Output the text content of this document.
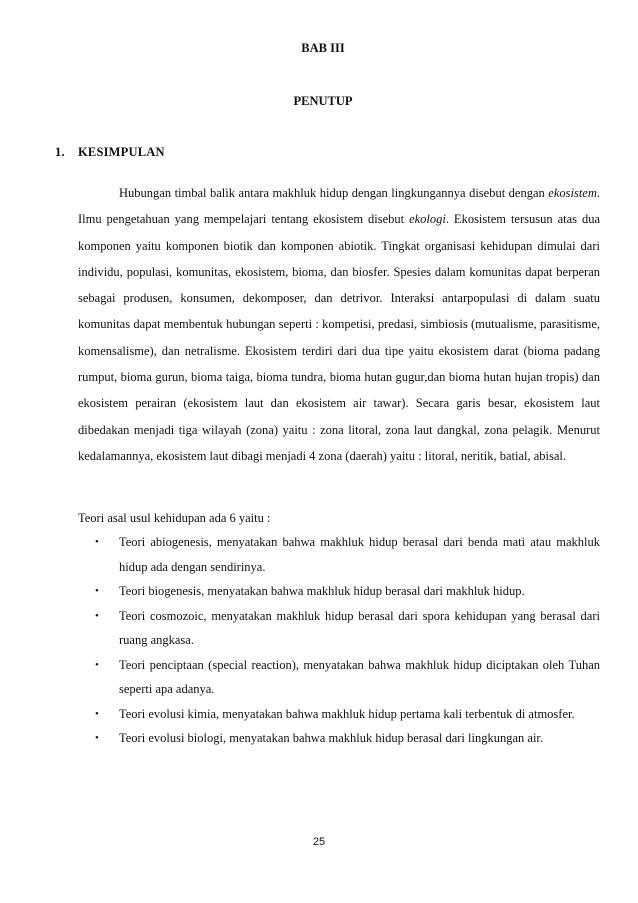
BAB III
PENUTUP
1. KESIMPULAN

Hubungan timbal balik antara makhluk hidup dengan lingkungannya disebut dengan ekosistem. Ilmu pengetahuan yang mempelajari tentang ekosistem disebut ekologi. Ekosistem tersusun atas dua komponen yaitu komponen biotik dan komponen abiotik. Tingkat organisasi kehidupan dimulai dari individu, populasi, komunitas, ekosistem, bioma, dan biosfer. Spesies dalam komunitas dapat berperan sebagai produsen, konsumen, dekomposer, dan detrivor. Interaksi antarpopulasi di dalam suatu komunitas dapat membentuk hubungan seperti : kompetisi, predasi, simbiosis (mutualisme, parasitisme, komensalisme), dan netralisme. Ekosistem terdiri dari dua tipe yaitu ekosistem darat (bioma padang rumput, bioma gurun, bioma taiga, bioma tundra, bioma hutan gugur,dan bioma hutan hujan tropis) dan ekosistem perairan (ekosistem laut dan ekosistem air tawar). Secara garis besar, ekosistem laut dibedakan menjadi tiga wilayah (zona) yaitu : zona litoral, zona laut dangkal, zona pelagik. Menurut kedalamannya, ekosistem laut dibagi menjadi 4 zona (daerah) yaitu : litoral, neritik, batial, abisal.

Teori asal usul kehidupan ada 6 yaitu :
• Teori abiogenesis, menyatakan bahwa makhluk hidup berasal dari benda mati atau makhluk hidup ada dengan sendirinya.
• Teori biogenesis, menyatakan bahwa makhluk hidup berasal dari makhluk hidup.
• Teori cosmozoic, menyatakan makhluk hidup berasal dari spora kehidupan yang berasal dari ruang angkasa.
• Teori penciptaan (special reaction), menyatakan bahwa makhluk hidup diciptakan oleh Tuhan seperti apa adanya.
• Teori evolusi kimia, menyatakan bahwa makhluk hidup pertama kali terbentuk di atmosfer.
• Teori evolusi biologi, menyatakan bahwa makhluk hidup berasal dari lingkungan air.
25
